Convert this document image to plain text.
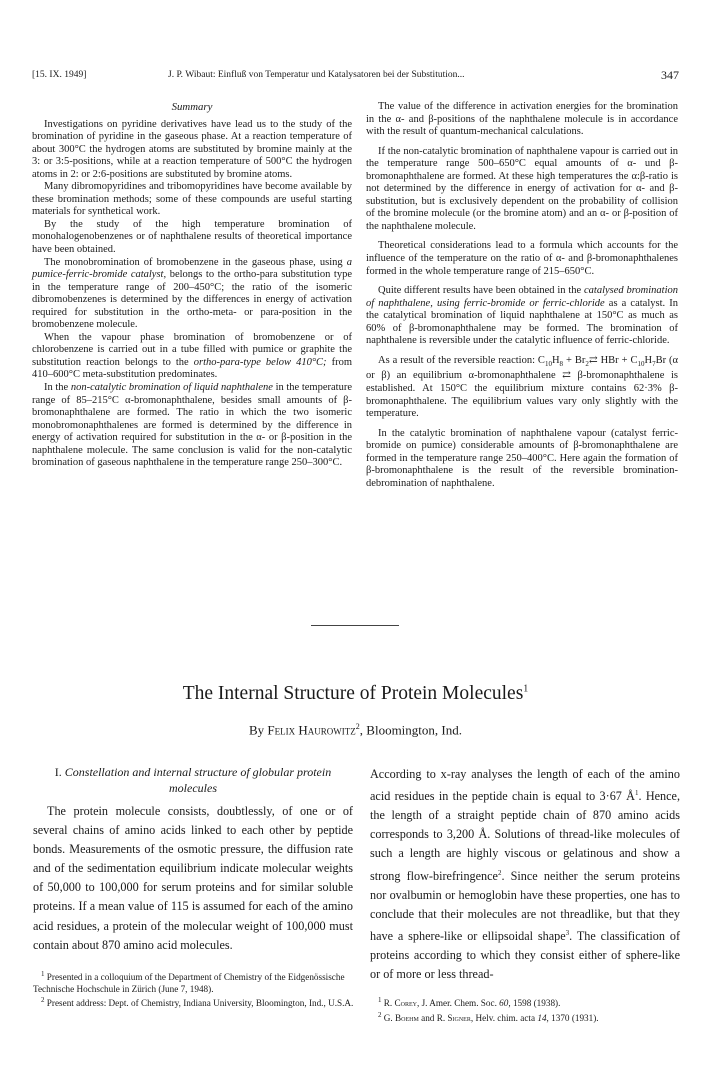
[15. IX. 1949]	J. P. Wibaut: Einfluß von Temperatur und Katalysatoren bei der Substitution...	347

Summary

Investigations on pyridine derivatives have lead us to the study of the bromination of pyridine in the gaseous phase. At a reaction temperature of about 300°C the hydrogen atoms are substituted by bromine mainly at the 3: or 3:5-positions, while at a reaction temperature of 500°C the hydrogen atoms in 2: or 2:6-positions are substituted by bromine atoms.

Many dibromopyridines and tribomopyridines have become available by these bromination methods; some of these compounds are useful starting materials for synthetical work.

By the study of the high temperature bromination of monohalogenobenzenes or of naphthalene results of theoretical importance have been obtained.

The monobromination of bromobenzene in the gaseous phase, using a pumice-ferric-bromide catalyst, belongs to the ortho-para substitution type in the temperature range of 200–450°C; the ratio of the isomeric dibromobenzenes is determined by the differences in energy of activation required for substitution in the ortho-meta- or para-position in the bromobenzene molecule.

When the vapour phase bromination of bromobenzene or of chlorobenzene is carried out in a tube filled with pumice or graphite the substitution reaction belongs to the ortho-para-type below 410°C; from 410–600°C meta-substitution predominates.

In the non-catalytic bromination of liquid naphthalene in the temperature range of 85–215°C α-bromonaphthalene, besides small amounts of β-bromonaphthalene are formed. The ratio in which the two isomeric monobromonaphthalenes are formed is determined by the difference in energy of activation required for substitution in the α- or β-position in the naphthalene molecule. The same conclusion is valid for the non-catalytic bromination of gaseous naphthalene in the temperature range 250–300°C.

The value of the difference in activation energies for the bromination in the α- and β-positions of the naphthalene molecule is in accordance with the result of quantum-mechanical calculations.

If the non-catalytic bromination of naphthalene vapour is carried out in the temperature range 500–650°C equal amounts of α- und β-bromonaphthalene are formed. At these high temperatures the α:β-ratio is not determined by the difference in energy of activation for α- and β-substitution, but is exclusively dependent on the probability of collision of the bromine molecule (or the bromine atom) and an α- or β-position of the naphthalene molecule.

Theoretical considerations lead to a formula which accounts for the influence of the temperature on the ratio of α- and β-bromonaphthalenes formed in the whole temperature range of 215–650°C.

Quite different results have been obtained in the catalysed bromination of naphthalene, using ferric-bromide or ferric-chloride as a catalyst. In the catalytical bromination of liquid naphthalene at 150°C as much as 60% of β-bromonaphthalene may be formed. The bromination of naphthalene is reversible under the catalytic influence of ferric-chloride.

As a result of the reversible reaction: $C_{10}H_8$ + $Br_2⇄$ HBr + $C_{10}H_7Br$ (α or β) an equilibrium α-bromonaphthalene ⇄ β-bromonaphthalene is established. At 150°C the equilibrium mixture contains 62·3% β-bromonaphthalene. The equilibrium values vary only slightly with the temperature.

In the catalytic bromination of naphthalene vapour (catalyst ferric-bromide on pumice) considerable amounts of β-bromonaphthalene are formed in the temperature range 250–400°C. Here again the formation of β-bromonaphthalene is the result of the reversible bromination-debromination of naphthalene.

The Internal Structure of Protein Molecules$^1$
By Felix Haurowitz$^2$, Bloomington, Ind.

I. Constellation and internal structure of globular protein molecules

The protein molecule consists, doubtlessly, of one or of several chains of amino acids linked to each other by peptide bonds. Measurements of the osmotic pressure, the diffusion rate and of the sedimentation equilibrium indicate molecular weights of 50,000 to 100,000 for serum proteins and for similar soluble proteins. If a mean value of 115 is assumed for each of the amino acid residues, a protein of the molecular weight of 100,000 must contain about 870 amino acid molecules.

According to x-ray analyses the length of each of the amino acid residues in the peptide chain is equal to 3·67 $Å^1$. Hence, the length of a straight peptide chain of 870 amino acids corresponds to 3,200 Å. Solutions of thread-like molecules of such a length are highly viscous or gelatinous and show a strong flow-birefringence$^2$. Since neither the serum proteins nor ovalbumin or hemoglobin have these properties, one has to conclude that their molecules are not threadlike, but that they have a sphere-like or ellipsoidal shape$^3$. The classification of proteins according to which they consist either of sphere-like or of more or less thread-

$^1$ Presented in a colloquium of the Department of Chemistry of the Eidgenössische Technische Hochschule in Zürich (June 7, 1948).

$^2$ Present address: Dept. of Chemistry, Indiana University, Bloomington, Ind., U.S.A.	$^1$ R. Corey, J. Amer. Chem. Soc. 60, 1598 (1938).

$^2$ G. Boehm and R. Signer, Helv. chim. acta 14, 1370 (1931).
